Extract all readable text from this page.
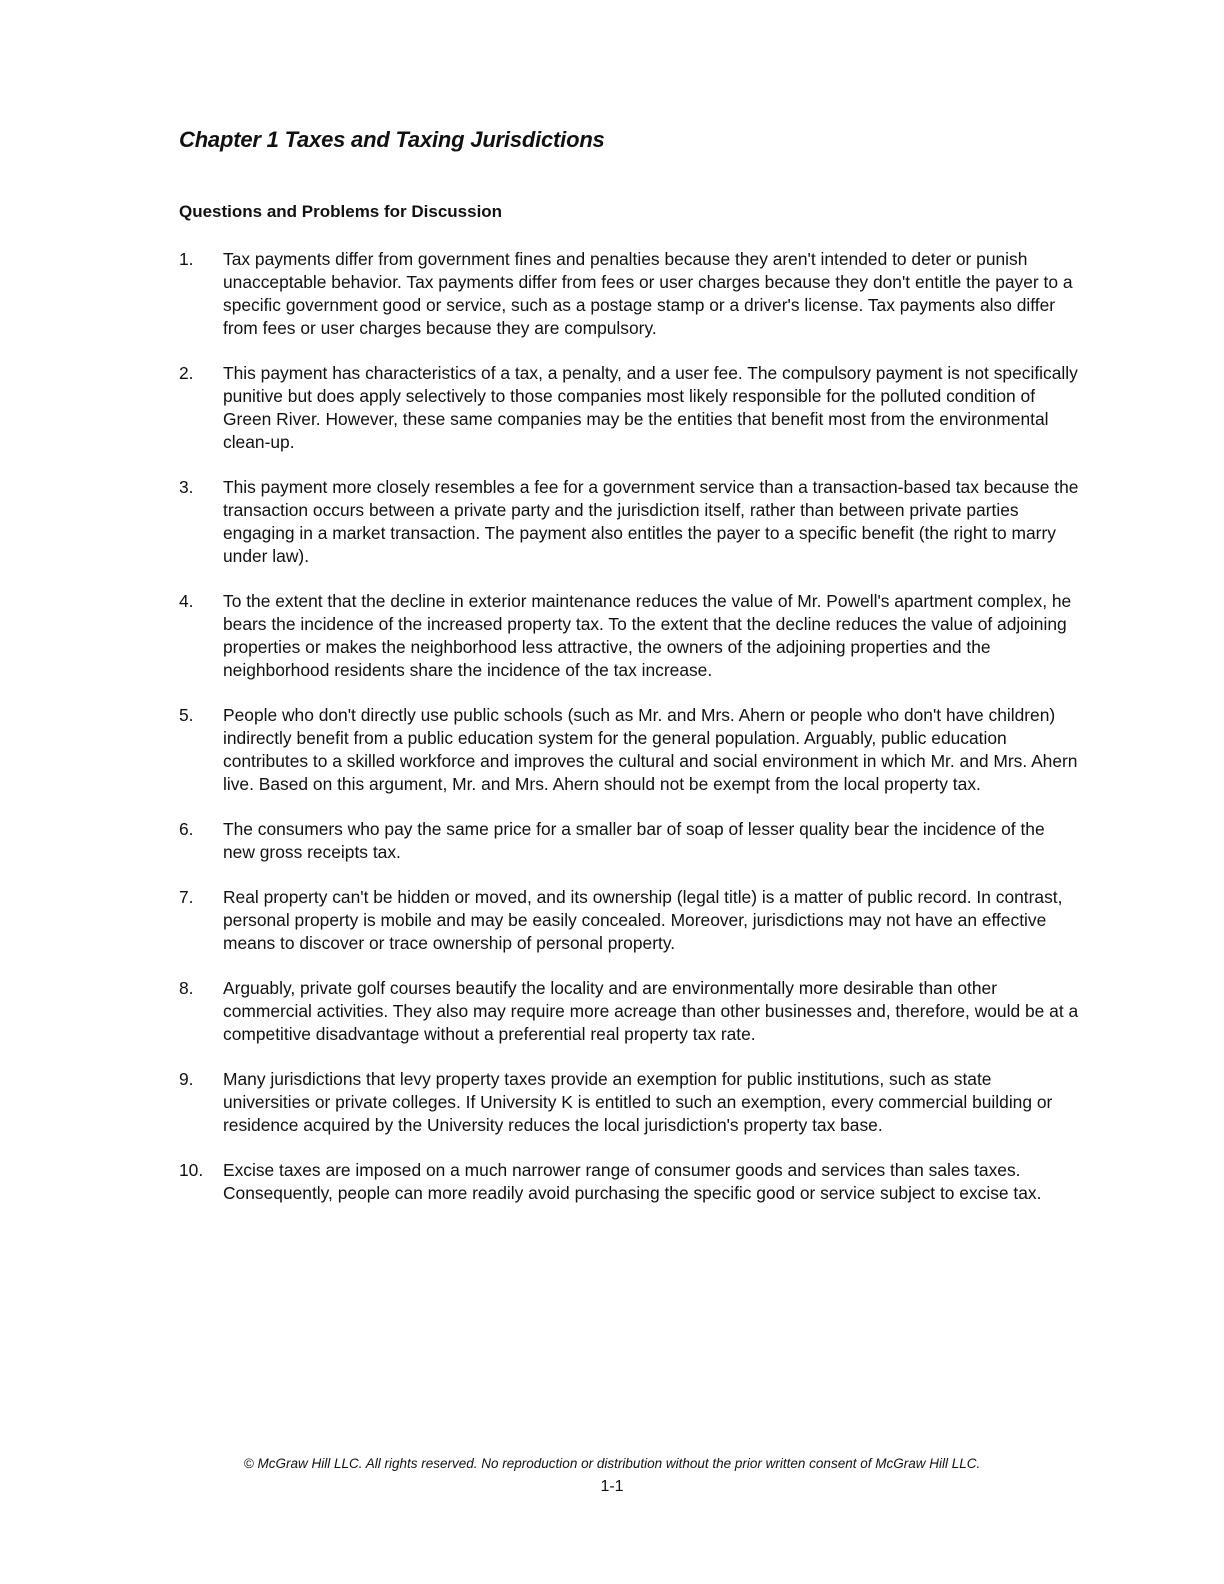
Chapter 1 Taxes and Taxing Jurisdictions
Questions and Problems for Discussion
1.	Tax payments differ from government fines and penalties because they aren't intended to deter or punish unacceptable behavior. Tax payments differ from fees or user charges because they don't entitle the payer to a specific government good or service, such as a postage stamp or a driver's license. Tax payments also differ from fees or user charges because they are compulsory.
2.	This payment has characteristics of a tax, a penalty, and a user fee. The compulsory payment is not specifically punitive but does apply selectively to those companies most likely responsible for the polluted condition of Green River. However, these same companies may be the entities that benefit most from the environmental clean-up.
3.	This payment more closely resembles a fee for a government service than a transaction-based tax because the transaction occurs between a private party and the jurisdiction itself, rather than between private parties engaging in a market transaction. The payment also entitles the payer to a specific benefit (the right to marry under law).
4.	To the extent that the decline in exterior maintenance reduces the value of Mr. Powell's apartment complex, he bears the incidence of the increased property tax. To the extent that the decline reduces the value of adjoining properties or makes the neighborhood less attractive, the owners of the adjoining properties and the neighborhood residents share the incidence of the tax increase.
5.	People who don't directly use public schools (such as Mr. and Mrs. Ahern or people who don't have children) indirectly benefit from a public education system for the general population. Arguably, public education contributes to a skilled workforce and improves the cultural and social environment in which Mr. and Mrs. Ahern live. Based on this argument, Mr. and Mrs. Ahern should not be exempt from the local property tax.
6.	The consumers who pay the same price for a smaller bar of soap of lesser quality bear the incidence of the new gross receipts tax.
7.	Real property can't be hidden or moved, and its ownership (legal title) is a matter of public record. In contrast, personal property is mobile and may be easily concealed. Moreover, jurisdictions may not have an effective means to discover or trace ownership of personal property.
8.	Arguably, private golf courses beautify the locality and are environmentally more desirable than other commercial activities. They also may require more acreage than other businesses and, therefore, would be at a competitive disadvantage without a preferential real property tax rate.
9.	Many jurisdictions that levy property taxes provide an exemption for public institutions, such as state universities or private colleges. If University K is entitled to such an exemption, every commercial building or residence acquired by the University reduces the local jurisdiction's property tax base.
10.	Excise taxes are imposed on a much narrower range of consumer goods and services than sales taxes. Consequently, people can more readily avoid purchasing the specific good or service subject to excise tax.
© McGraw Hill LLC. All rights reserved. No reproduction or distribution without the prior written consent of McGraw Hill LLC.
1-1
